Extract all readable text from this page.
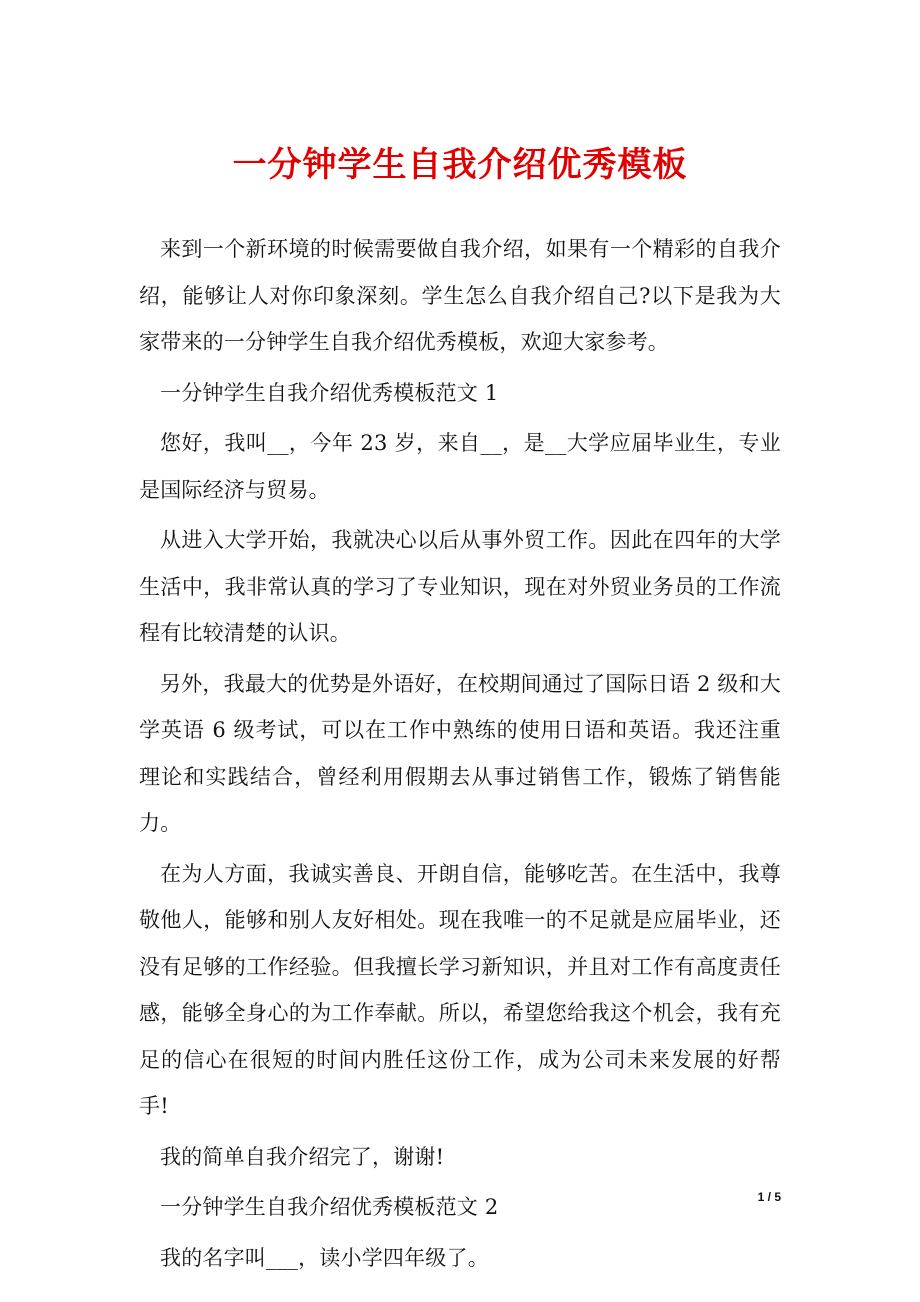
一分钟学生自我介绍优秀模板

来到一个新环境的时候需要做自我介绍，如果有一个精彩的自我介绍，能够让人对你印象深刻。学生怎么自我介绍自己?以下是我为大家带来的一分钟学生自我介绍优秀模板，欢迎大家参考。

一分钟学生自我介绍优秀模板范文 1

您好，我叫__，今年 23 岁，来自__，是__大学应届毕业生，专业是国际经济与贸易。

从进入大学开始，我就决心以后从事外贸工作。因此在四年的大学生活中，我非常认真的学习了专业知识，现在对外贸业务员的工作流程有比较清楚的认识。

另外，我最大的优势是外语好，在校期间通过了国际日语 2 级和大学英语 6 级考试，可以在工作中熟练的使用日语和英语。我还注重理论和实践结合，曾经利用假期去从事过销售工作，锻炼了销售能力。

在为人方面，我诚实善良、开朗自信，能够吃苦。在生活中，我尊敬他人，能够和别人友好相处。现在我唯一的不足就是应届毕业，还没有足够的工作经验。但我擅长学习新知识，并且对工作有高度责任感，能够全身心的为工作奉献。所以，希望您给我这个机会，我有充足的信心在很短的时间内胜任这份工作，成为公司未来发展的好帮手!

我的简单自我介绍完了，谢谢!

一分钟学生自我介绍优秀模板范文 2

我的名字叫___，读小学四年级了。

1 / 5
